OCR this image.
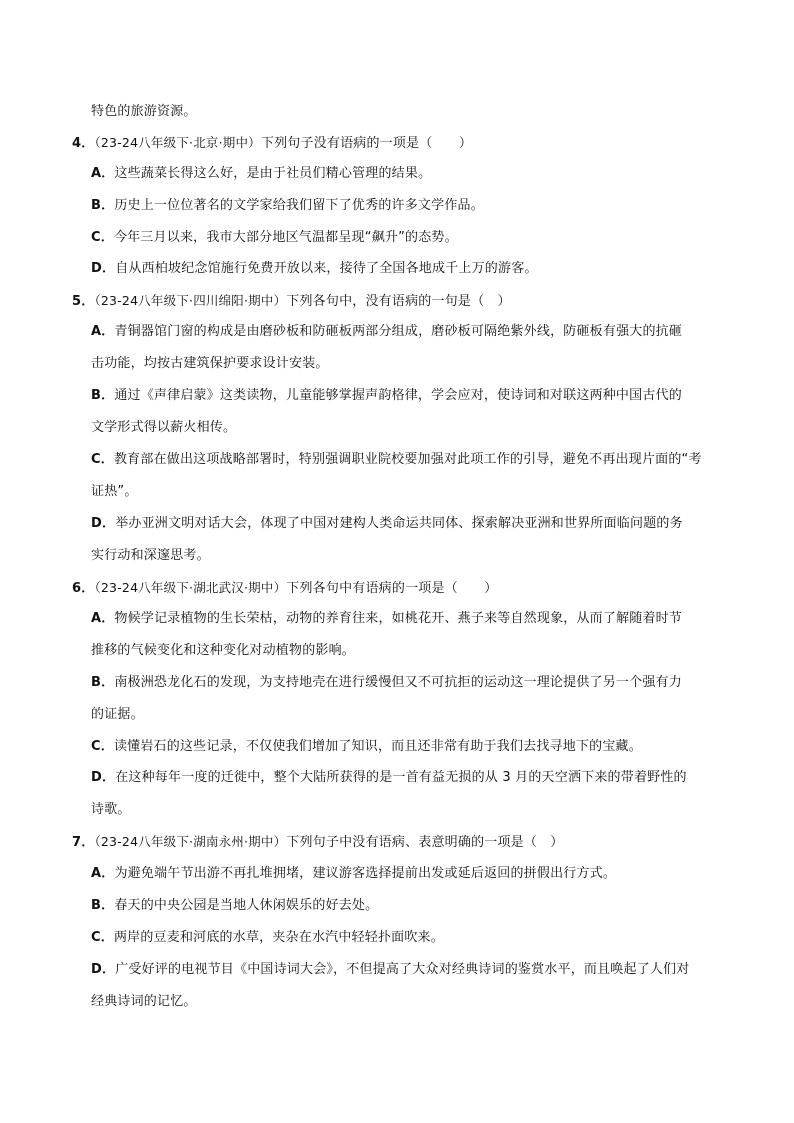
特色的旅游资源。
4．（23-24八年级下·北京·期中）下列句子没有语病的一项是（　　）
A．这些蔬菜长得这么好，是由于社员们精心管理的结果。
B．历史上一位位著名的文学家给我们留下了优秀的许多文学作品。
C．今年三月以来，我市大部分地区气温都呈现“飙升”的态势。
D．自从西柏坡纪念馆施行免费开放以来，接待了全国各地成千上万的游客。
5．（23-24八年级下·四川绵阳·期中）下列各句中，没有语病的一句是（　）
A．青铜器馆门窗的构成是由磨砂板和防砸板两部分组成，磨砂板可隔绝紫外线，防砸板有强大的抗砸
击功能，均按古建筑保护要求设计安装。
B．通过《声律启蒙》这类读物，儿童能够掌握声韵格律，学会应对，使诗词和对联这两种中国古代的
文学形式得以薪火相传。
C．教育部在做出这项战略部署时，特别强调职业院校要加强对此项工作的引导，避免不再出现片面的“考
证热”。
D．举办亚洲文明对话大会，体现了中国对建构人类命运共同体、探索解决亚洲和世界所面临问题的务
实行动和深邃思考。
6．（23-24八年级下·湖北武汉·期中）下列各句中有语病的一项是（　　）
A．物候学记录植物的生长荣枯，动物的养育往来，如桃花开、燕子来等自然现象，从而了解随着时节
推移的气候变化和这种变化对动植物的影响。
B．南极洲恐龙化石的发现，为支持地壳在进行缓慢但又不可抗拒的运动这一理论提供了另一个强有力
的证据。
C．读懂岩石的这些记录，不仅使我们增加了知识，而且还非常有助于我们去找寻地下的宝藏。
D．在这种每年一度的迁徙中，整个大陆所获得的是一首有益无损的从 3 月的天空洒下来的带着野性的
诗歌。
7．（23-24八年级下·湖南永州·期中）下列句子中没有语病、表意明确的一项是（　）
A．为避免端午节出游不再扎堆拥堵，建议游客选择提前出发或延后返回的拼假出行方式。
B．春天的中央公园是当地人休闲娱乐的好去处。
C．两岸的豆麦和河底的水草，夹杂在水汽中轻轻扑面吹来。
D．广受好评的电视节目《中国诗词大会》，不但提高了大众对经典诗词的鉴赏水平，而且唤起了人们对
经典诗词的记忆。
